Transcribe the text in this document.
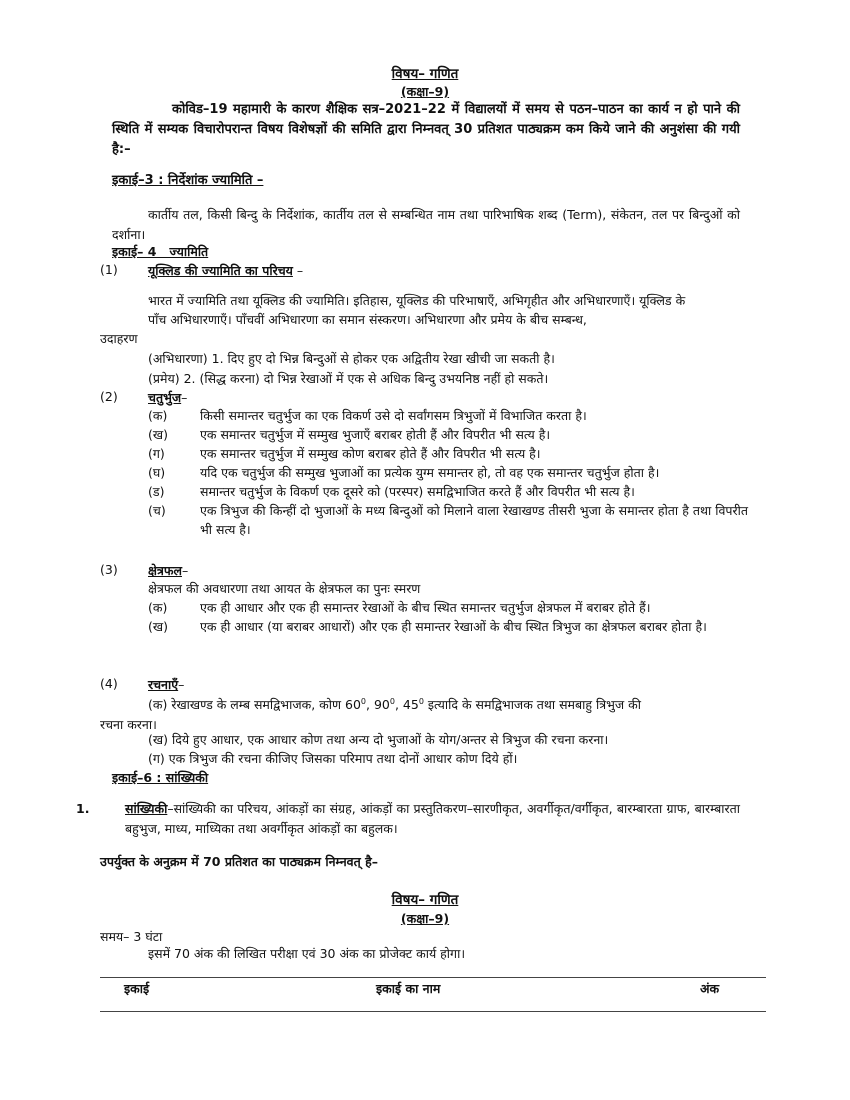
विषय– गणित
(कक्षा–9)
कोविड–19 महामारी के कारण शैक्षिक सत्र–2021–22 में विद्यालयों में समय से पठन–पाठन का कार्य न हो पाने की स्थिति में सम्यक विचारोपरान्त विषय विशेषज्ञों की समिति द्वारा निम्नवत् 30 प्रतिशत पाठ्यक्रम कम किये जाने की अनुशंसा की गयी है:–
इकाई–3 : निर्देशांक ज्यामिति –
कार्तीय तल, किसी बिन्दु के निर्देशांक, कार्तीय तल से सम्बन्धित नाम तथा पारिभाषिक शब्द (Term), संकेतन, तल पर बिन्दुओं को दर्शाना।
इकाई– 4   ज्यामिति
(1) यूक्लिड की ज्यामिति का परिचय –
भारत में ज्यामिति तथा यूक्लिड की ज्यामिति। इतिहास, यूक्लिड की परिभाषाएँ, अभिगृहीत और अभिधारणाएँ। यूक्लिड के
पाँच अभिधारणाएँ। पाँचवीं अभिधारणा का समान संस्करण। अभिधारणा और प्रमेय के बीच सम्बन्ध,
उदाहरण
(अभिधारणा) 1. दिए हुए दो भिन्न बिन्दुओं से होकर एक अद्वितीय रेखा खीची जा सकती है।
(प्रमेय) 2. (सिद्ध करना) दो भिन्न रेखाओं में एक से अधिक बिन्दु उभयनिष्ठ नहीं हो सकते।
(2) चतुर्भुज–
(क)	किसी समान्तर चतुर्भुज का एक विकर्ण उसे दो सर्वांगसम त्रिभुजों में विभाजित करता है।
(ख)	एक समान्तर चतुर्भुज में सम्मुख भुजाएँ बराबर होती हैं और विपरीत भी सत्य है।
(ग)	एक समान्तर चतुर्भुज में सम्मुख कोण बराबर होते हैं और विपरीत भी सत्य है।
(घ)	यदि एक चतुर्भुज की सम्मुख भुजाओं का प्रत्येक युग्म समान्तर हो, तो वह एक समान्तर चतुर्भुज होता है।
(ड)	समान्तर चतुर्भुज के विकर्ण एक दूसरे को (परस्पर) समद्विभाजित करते हैं और विपरीत भी सत्य है।
(च)	एक त्रिभुज की किन्हीं दो भुजाओं के मध्य बिन्दुओं को मिलाने वाला रेखाखण्ड तीसरी भुजा के समान्तर होता है तथा विपरीत भी सत्य है।
(3) क्षेत्रफल–
क्षेत्रफल की अवधारणा तथा आयत के क्षेत्रफल का पुनः स्मरण
(क)	एक ही आधार और एक ही समान्तर रेखाओं के बीच स्थित समान्तर चतुर्भुज क्षेत्रफल में बराबर होते हैं।
(ख)	एक ही आधार (या बराबर आधारों) और एक ही समान्तर रेखाओं के बीच स्थित त्रिभुज का क्षेत्रफल बराबर होता है।
(4) रचनाएँ–
(क) रेखाखण्ड के लम्ब समद्विभाजक, कोण $60^0$, $90^0$, $45^0$ इत्यादि के समद्विभाजक तथा समबाहु त्रिभुज की
रचना करना।
(ख) दिये हुए आधार, एक आधार कोण तथा अन्य दो भुजाओं के योग/अन्तर से त्रिभुज की रचना करना।
(ग) एक त्रिभुज की रचना कीजिए जिसका परिमाप तथा दोनों आधार कोण दिये हों।
इकाई–6 : सांख्यिकी
1.	सांख्यिकी–सांख्यिकी का परिचय, आंकड़ों का संग्रह, आंकड़ों का प्रस्तुतिकरण–सारणीकृत, अवर्गीकृत/वर्गीकृत, बारम्बारता ग्राफ, बारम्बारता बहुभुज, माध्य, माध्यिका तथा अवर्गीकृत आंकड़ों का बहुलक।
उपर्युक्त के अनुक्रम में 70 प्रतिशत का पाठ्यक्रम निम्नवत् है–
विषय– गणित
(कक्षा–9)
समय– 3 घंटा
इसमें 70 अंक की लिखित परीक्षा एवं 30 अंक का प्रोजेक्ट कार्य होगा।
इकाई	इकाई का नाम	अंक
